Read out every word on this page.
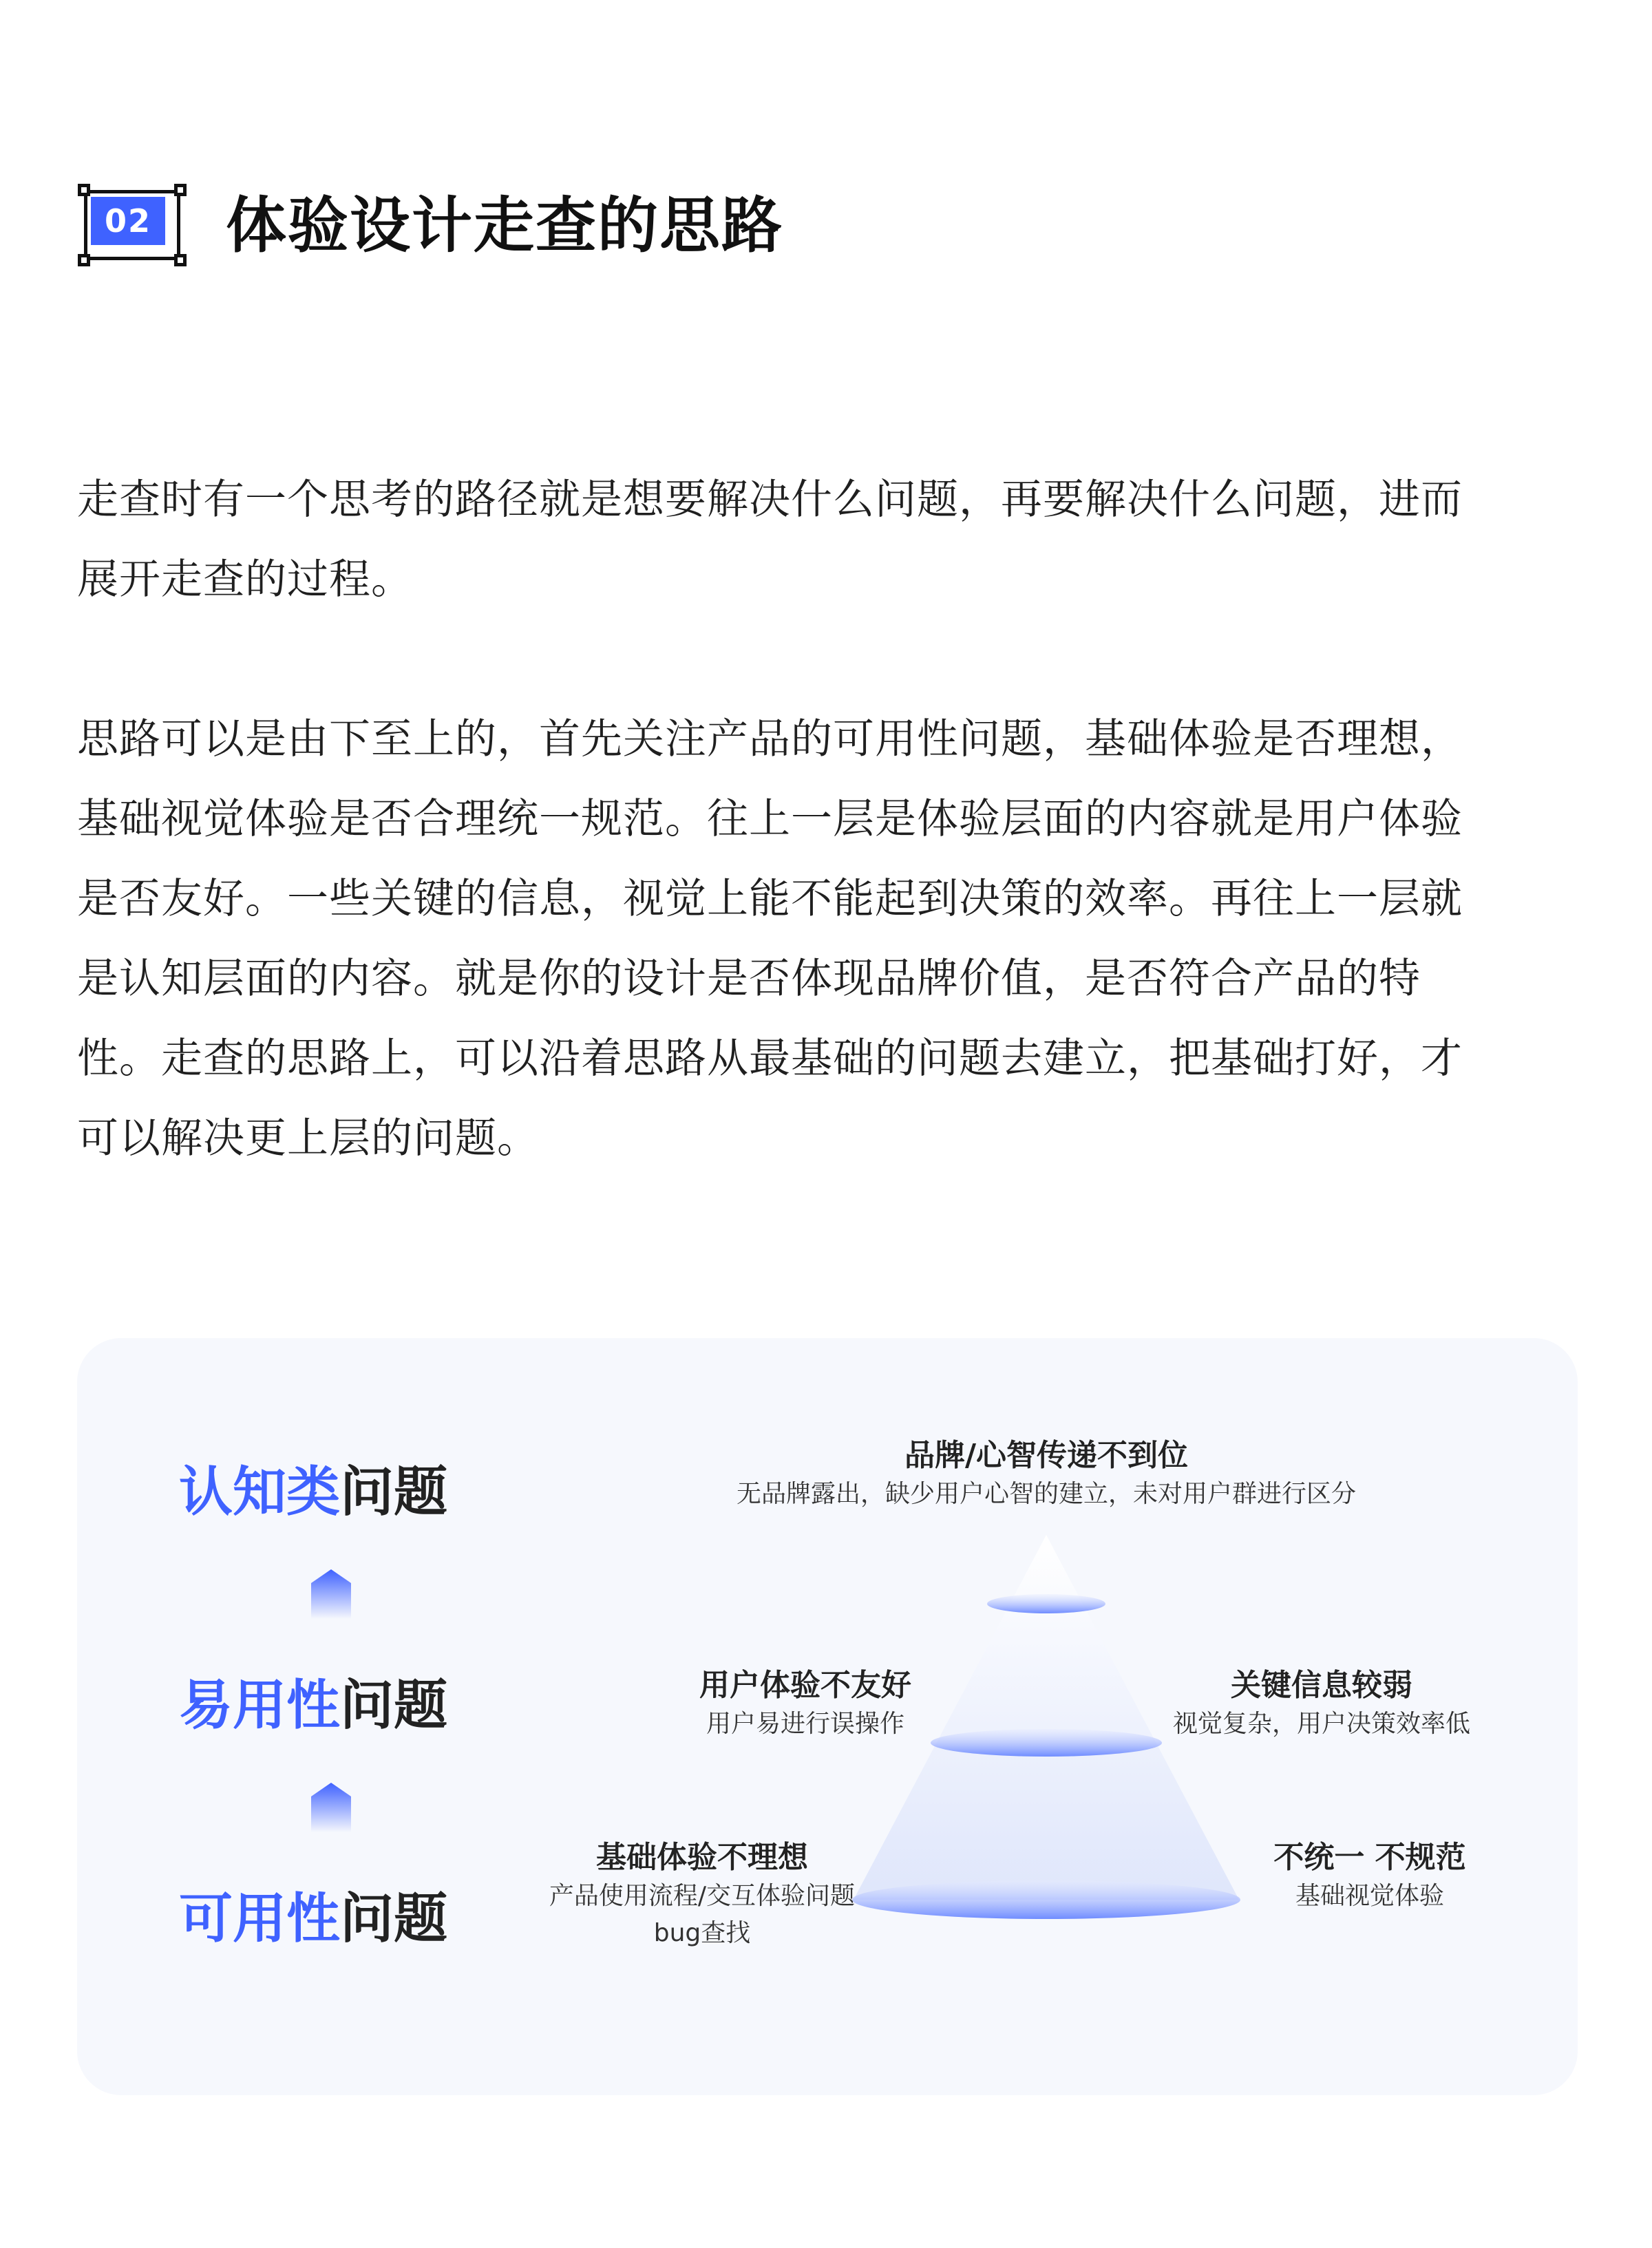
02 体验设计走查的思路
走查时有一个思考的路径就是想要解决什么问题，再要解决什么问题，进而
展开走查的过程。
思路可以是由下至上的，首先关注产品的可用性问题，基础体验是否理想，
基础视觉体验是否合理统一规范。往上一层是体验层面的内容就是用户体验
是否友好。一些关键的信息，视觉上能不能起到决策的效率。再往上一层就
是认知层面的内容。就是你的设计是否体现品牌价值，是否符合产品的特
性。走查的思路上，可以沿着思路从最基础的问题去建立，把基础打好，才
可以解决更上层的问题。
认知类问题
易用性问题
可用性问题
品牌/心智传递不到位
无品牌露出，缺少用户心智的建立，未对用户群进行区分
用户体验不友好
用户易进行误操作
关键信息较弱
视觉复杂，用户决策效率低
基础体验不理想
产品使用流程/交互体验问题
bug查找
不统一 不规范
基础视觉体验
